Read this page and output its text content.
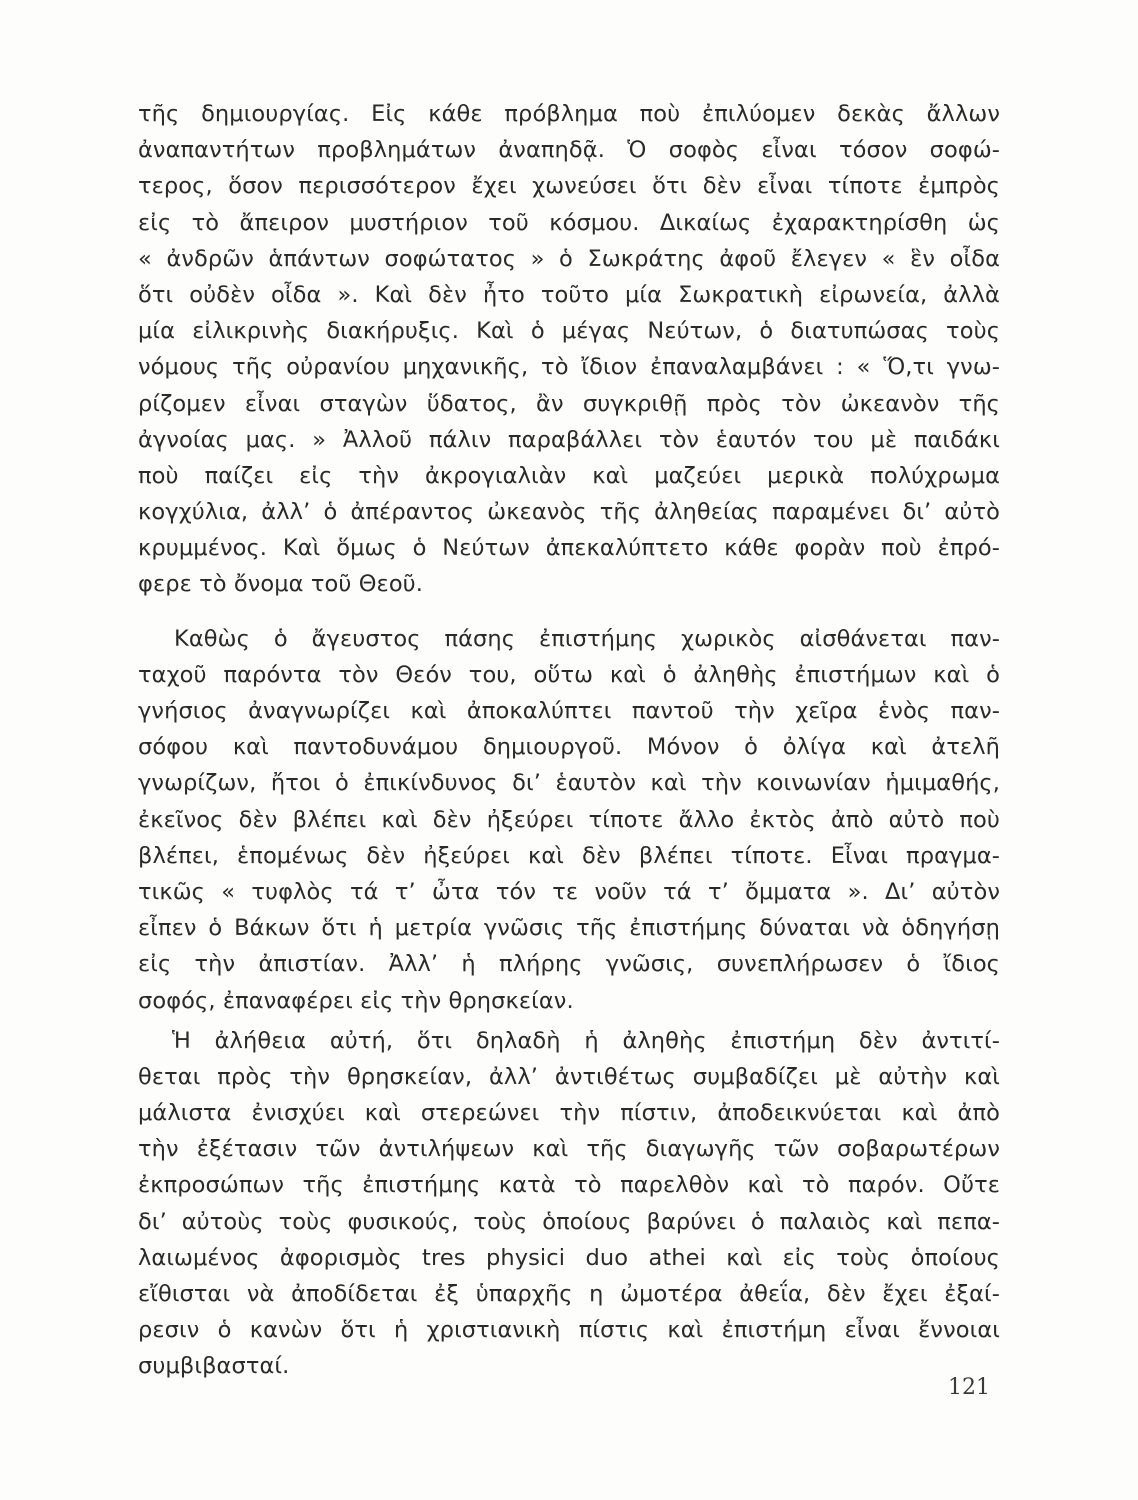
τῆς δημιουργίας. Εἰς κάθε πρόβλημα ποὺ ἐπιλύομεν δεκὰς ἄλλων
ἀναπαντήτων προβλημάτων ἀναπηδᾷ. Ὁ σοφὸς εἶναι τόσον σοφώ-
τερος, ὅσον περισσότερον ἔχει χωνεύσει ὅτι δὲν εἶναι τίποτε ἐμπρὸς
εἰς τὸ ἄπειρον μυστήριον τοῦ κόσμου. Δικαίως ἐχαρακτηρίσθη ὡς
« ἀνδρῶν ἁπάντων σοφώτατος » ὁ Σωκράτης ἀφοῦ ἔλεγεν « ἓν οἶδα
ὅτι οὐδὲν οἶδα ». Καὶ δὲν ἦτο τοῦτο μία Σωκρατικὴ εἰρωνεία, ἀλλὰ
μία εἰλικρινὴς διακήρυξις. Καὶ ὁ μέγας Νεύτων, ὁ διατυπώσας τοὺς
νόμους τῆς οὐρανίου μηχανικῆς, τὸ ἴδιον ἐπαναλαμβάνει : « Ὅ,τι γνω-
ρίζομεν εἶναι σταγὼν ὕδατος, ἂν συγκριθῇ πρὸς τὸν ὠκεανὸν τῆς
ἀγνοίας μας. » Ἀλλοῦ πάλιν παραβάλλει τὸν ἑαυτόν του μὲ παιδάκι
ποὺ παίζει εἰς τὴν ἀκρογιαλιὰν καὶ μαζεύει μερικὰ πολύχρωμα
κογχύλια, ἀλλ’ ὁ ἀπέραντος ὠκεανὸς τῆς ἀληθείας παραμένει δι’ αὐτὸ
κρυμμένος. Καὶ ὅμως ὁ Νεύτων ἀπεκαλύπτετο κάθε φορὰν ποὺ ἐπρό-
φερε τὸ ὄνομα τοῦ Θεοῦ.
Καθὼς ὁ ἄγευστος πάσης ἐπιστήμης χωρικὸς αἰσθάνεται παν-
ταχοῦ παρόντα τὸν Θεόν του, οὕτω καὶ ὁ ἀληθὴς ἐπιστήμων καὶ ὁ
γνήσιος ἀναγνωρίζει καὶ ἀποκαλύπτει παντοῦ τὴν χεῖρα ἑνὸς παν-
σόφου καὶ παντοδυνάμου δημιουργοῦ. Μόνον ὁ ὀλίγα καὶ ἀτελῆ
γνωρίζων, ἤτοι ὁ ἐπικίνδυνος δι’ ἑαυτὸν καὶ τὴν κοινωνίαν ἡμιμαθής,
ἐκεῖνος δὲν βλέπει καὶ δὲν ἠξεύρει τίποτε ἄλλο ἐκτὸς ἀπὸ αὐτὸ ποὺ
βλέπει, ἑπομένως δὲν ἠξεύρει καὶ δὲν βλέπει τίποτε. Εἶναι πραγμα-
τικῶς « τυφλὸς τά τ’ ὦτα τόν τε νοῦν τά τ’ ὄμματα ». Δι’ αὐτὸν
εἶπεν ὁ Βάκων ὅτι ἡ μετρία γνῶσις τῆς ἐπιστήμης δύναται νὰ ὁδηγήσῃ
εἰς τὴν ἀπιστίαν. Ἀλλ’ ἡ πλήρης γνῶσις, συνεπλήρωσεν ὁ ἴδιος
σοφός, ἐπαναφέρει εἰς τὴν θρησκείαν.
Ἡ ἀλήθεια αὐτή, ὅτι δηλαδὴ ἡ ἀληθὴς ἐπιστήμη δὲν ἀντιτί-
θεται πρὸς τὴν θρησκείαν, ἀλλ’ ἀντιθέτως συμβαδίζει μὲ αὐτὴν καὶ
μάλιστα ἐνισχύει καὶ στερεώνει τὴν πίστιν, ἀποδεικνύεται καὶ ἀπὸ
τὴν ἐξέτασιν τῶν ἀντιλήψεων καὶ τῆς διαγωγῆς τῶν σοβαρωτέρων
ἐκπροσώπων τῆς ἐπιστήμης κατὰ τὸ παρελθὸν καὶ τὸ παρόν. Οὔτε
δι’ αὐτοὺς τοὺς φυσικούς, τοὺς ὁποίους βαρύνει ὁ παλαιὸς καὶ πεπα-
λαιωμένος ἀφορισμὸς tres physici duo athei καὶ εἰς τοὺς ὁποίους
εἴθισται νὰ ἀποδίδεται ἐξ ὑπαρχῆς η ὠμοτέρα ἀθεΐα, δὲν ἔχει ἐξαί-
ρεσιν ὁ κανὼν ὅτι ἡ χριστιανικὴ πίστις καὶ ἐπιστήμη εἶναι ἔννοιαι
συμβιβασταί.
121
